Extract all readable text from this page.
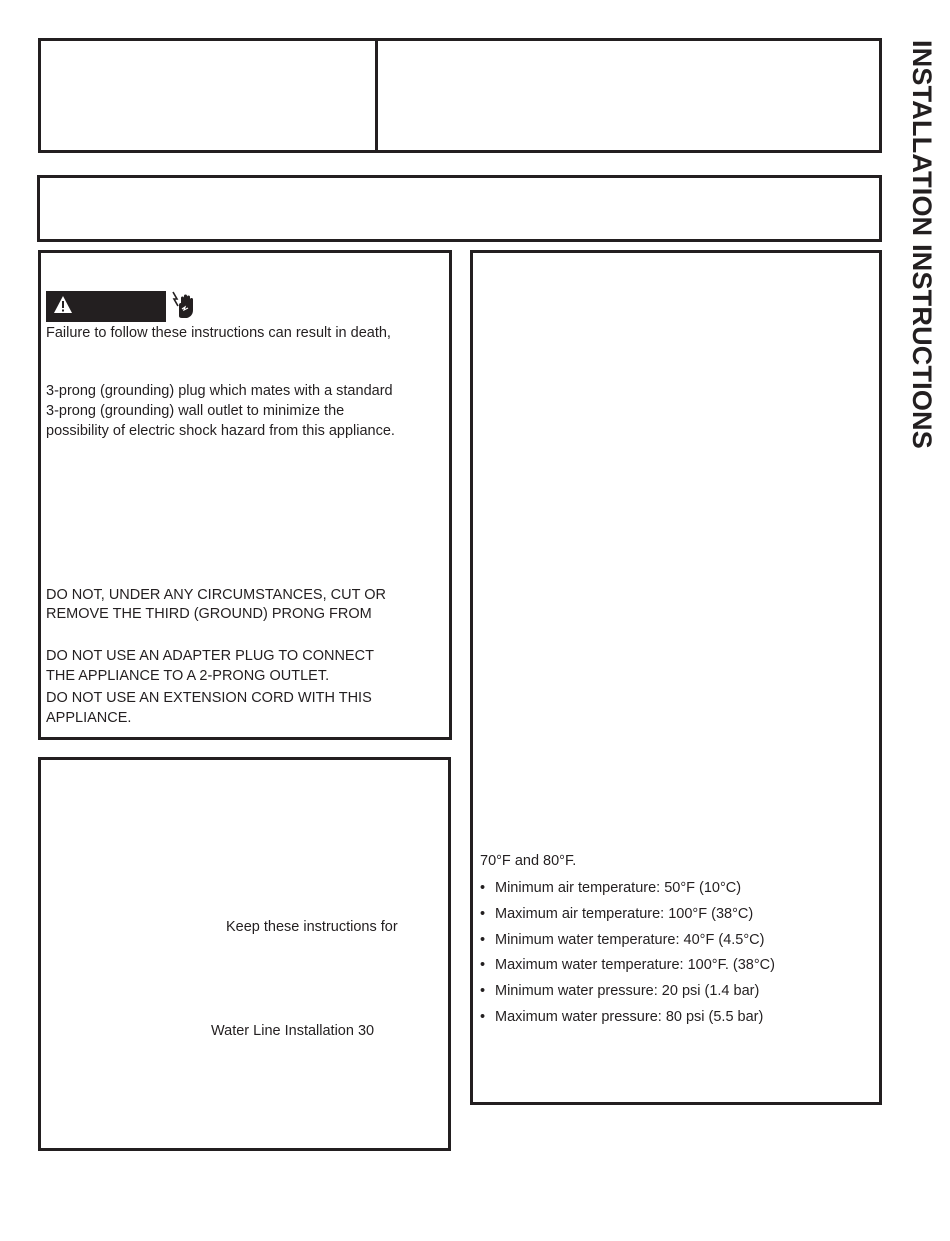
INSTALLATION INSTRUCTIONS
Failure to follow these instructions can result in death,
3-prong (grounding) plug which mates with a standard
3-prong (grounding) wall outlet to minimize the
possibility of electric shock hazard from this appliance.
DO NOT, UNDER ANY CIRCUMSTANCES, CUT OR
REMOVE THE THIRD (GROUND) PRONG FROM
DO NOT USE AN ADAPTER PLUG TO CONNECT
THE APPLIANCE TO A 2-PRONG OUTLET.
DO NOT USE AN EXTENSION CORD WITH THIS
APPLIANCE.
Keep these instructions for
Water Line Installation 30
70°F and 80°F.
• Minimum air temperature: 50°F (10°C)
• Maximum air temperature: 100°F (38°C)
• Minimum water temperature: 40°F (4.5°C)
• Maximum water temperature: 100°F. (38°C)
• Minimum water pressure: 20 psi (1.4 bar)
• Maximum water pressure: 80 psi (5.5 bar)
